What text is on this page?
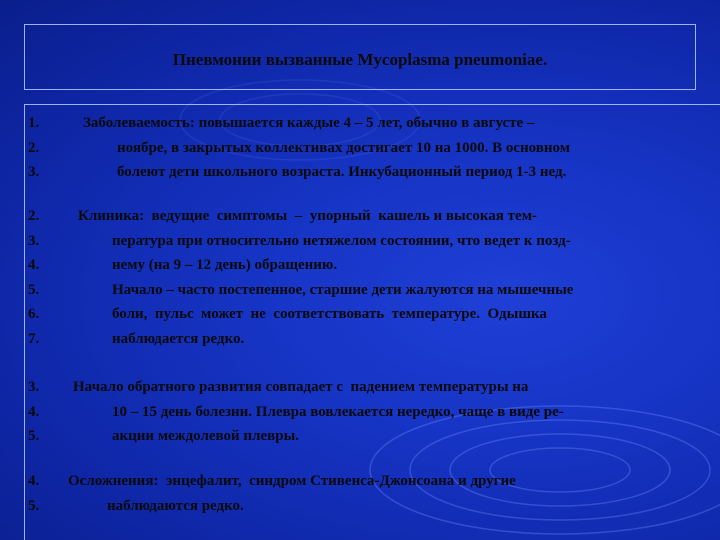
Пневмонии вызванные Mycoplasma pneumoniae.
1.	Заболеваемость: повышается каждые 4 – 5 лет, обычно в августе –
2.	ноябре, в закрытых коллективах достигает 10 на 1000. В основном
3.	болеют дети школьного возраста. Инкубационный период 1-3 нед.
2.	Клиника:  ведущие  симптомы  –  упорный  кашель и высокая тем-
3.	пература при относительно нетяжелом состоянии, что ведет к позд-
4.	нему (на 9 – 12 день) обращению.
5.	Начало – часто постепенное, старшие дети жалуются на мышечные
6.	боли,  пульс  может  не  соответствовать  температуре.  Одышка
7.	наблюдается редко.
3. Начало обратного развития совпадает с  падением температуры на
4.	10 – 15 день болезни. Плевра вовлекается нередко, чаще в виде ре-
5.	акции междолевой плевры.
4. Осложнения:  энцефалит,  синдром Стивенса-Джонсоана и другие
5.	наблюдаются редко.
